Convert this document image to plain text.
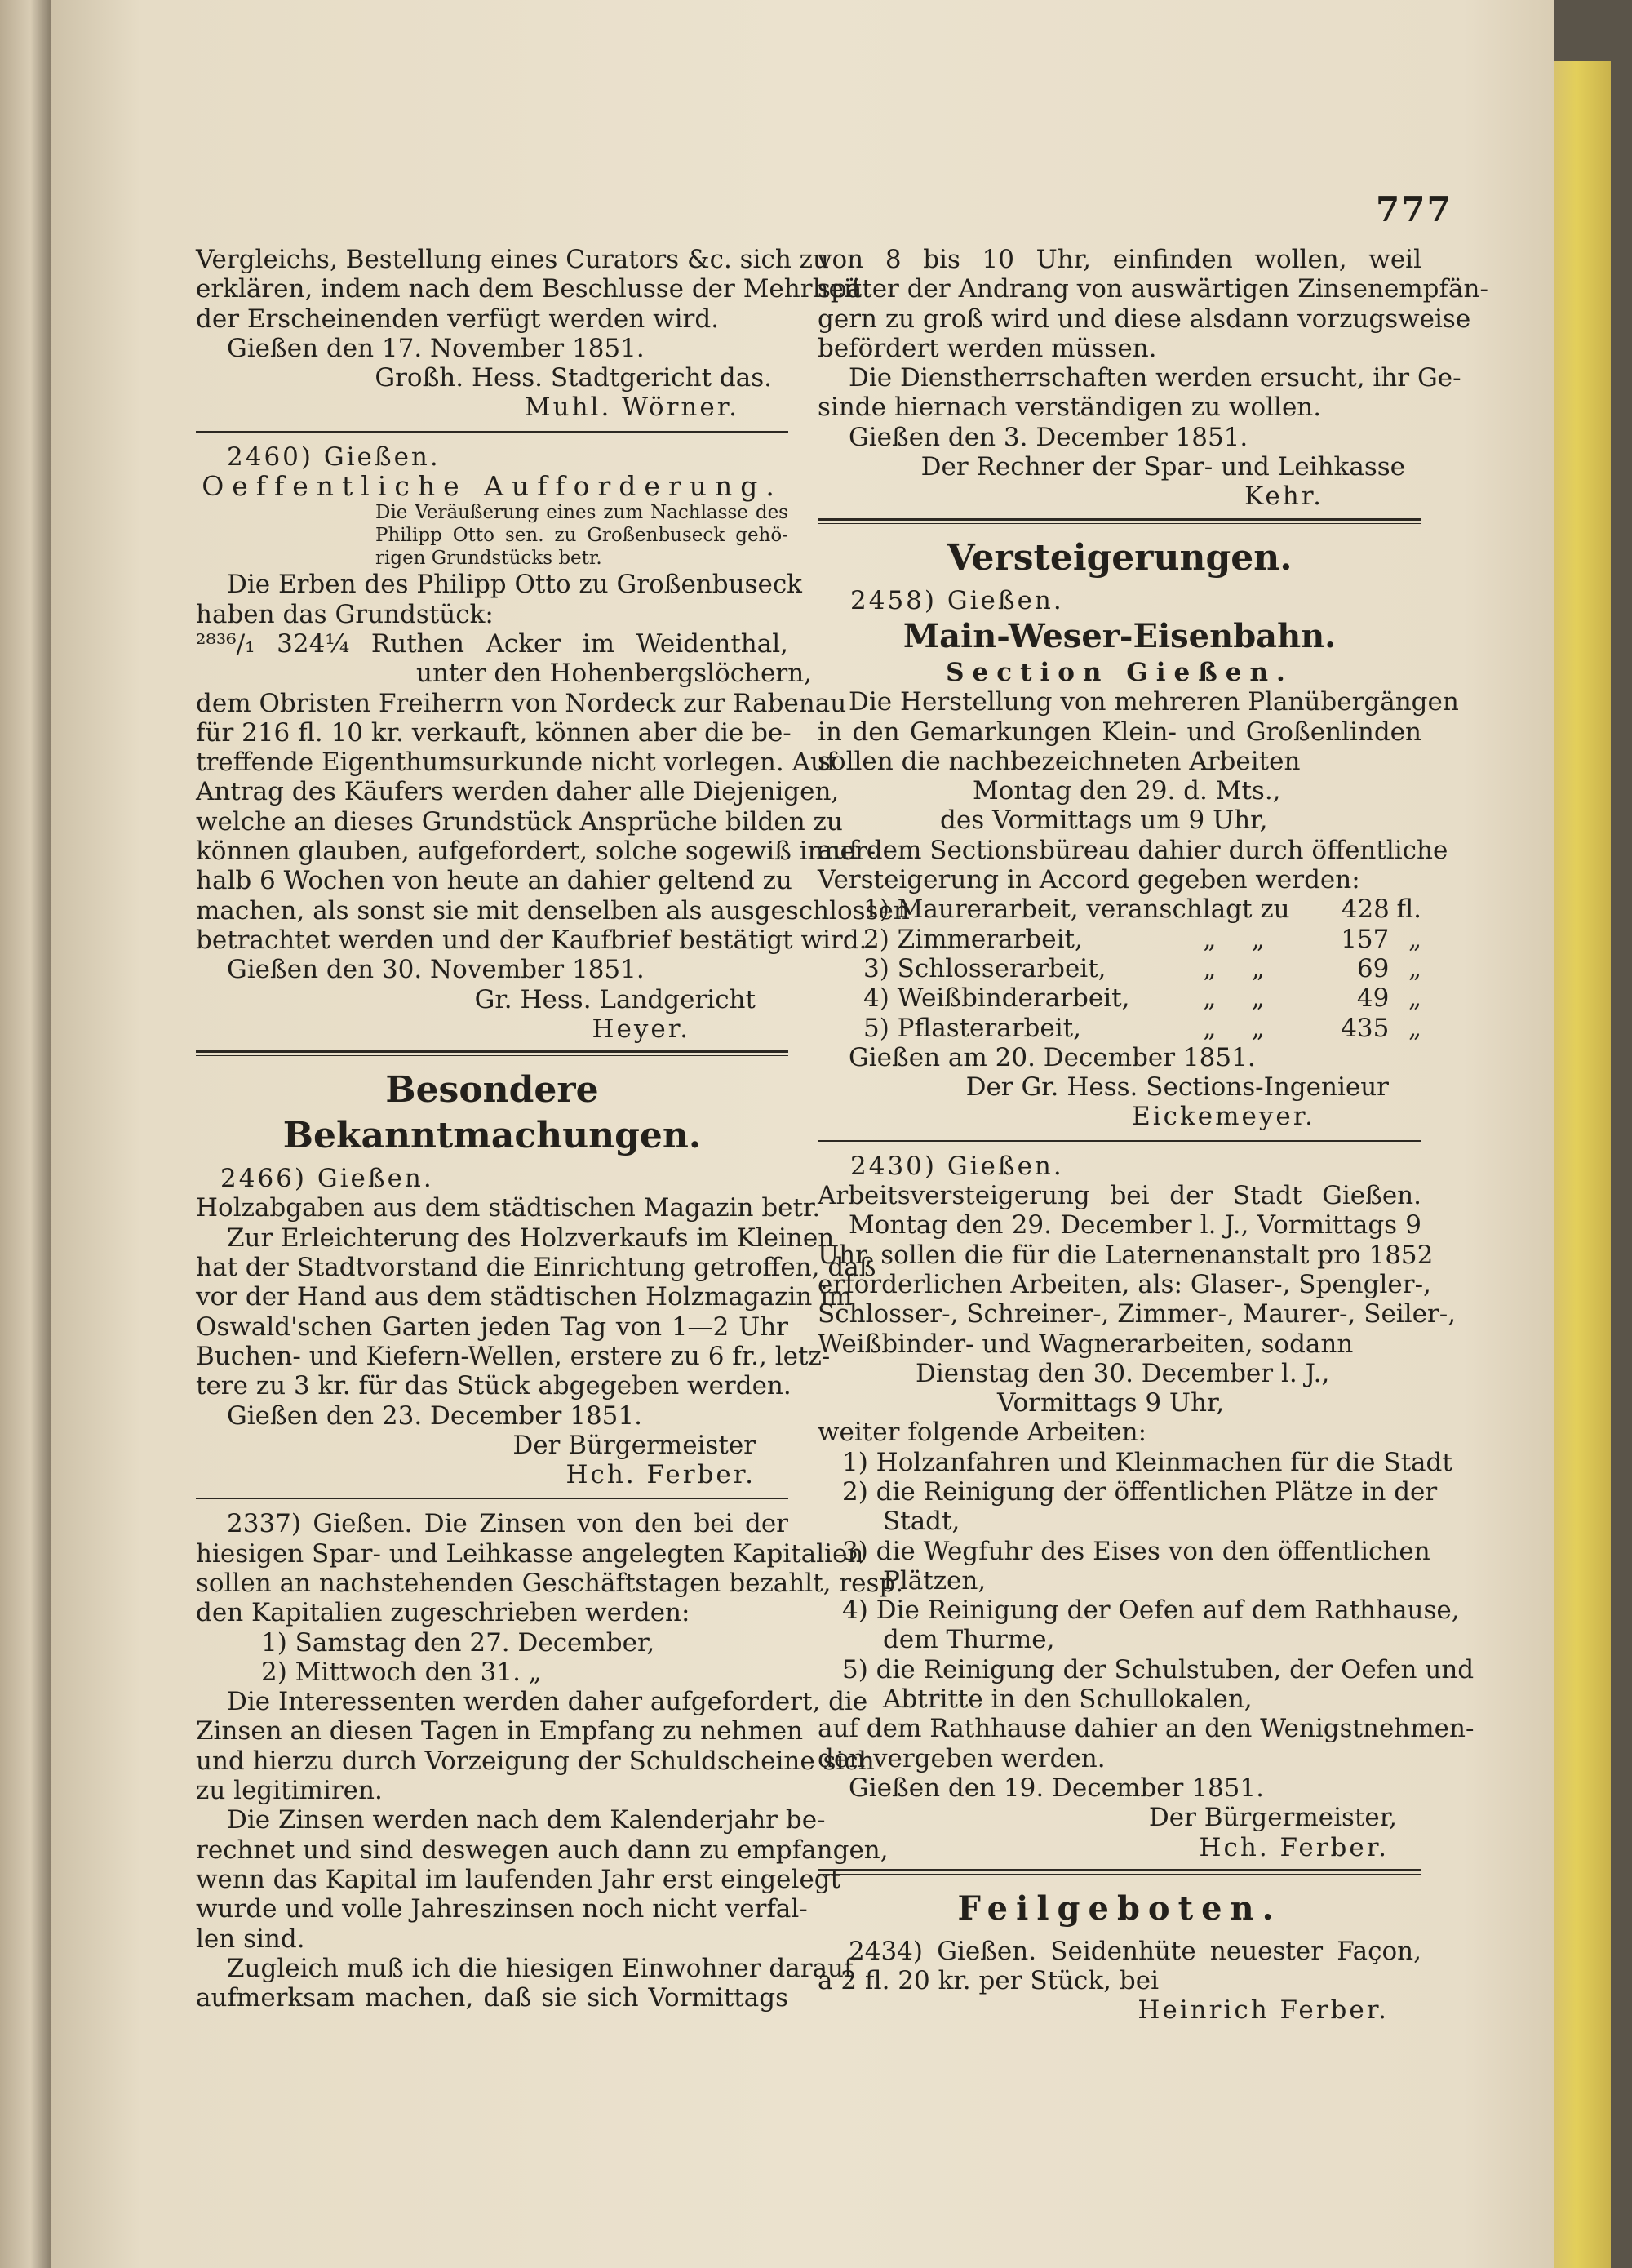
777
Vergleichs, Bestellung eines Curators &c. sich zu
erklären, indem nach dem Beschlusse der Mehrheit
der Erscheinenden verfügt werden wird.
Gießen den 17. November 1851.
Großh. Hess. Stadtgericht das.
Muhl. Wörner.
2460) Gießen.
Oeffentliche Aufforderung.
Die Veräußerung eines zum Nachlasse des
Philipp Otto sen. zu Großenbuseck gehö-
rigen Grundstücks betr.
Die Erben des Philipp Otto zu Großenbuseck
haben das Grundstück:
²⁸³⁶/₁ 324¼ Ruthen Acker im Weidenthal,
unter den Hohenbergslöchern,
dem Obristen Freiherrn von Nordeck zur Rabenau
für 216 fl. 10 kr. verkauft, können aber die be-
treffende Eigenthumsurkunde nicht vorlegen. Auf
Antrag des Käufers werden daher alle Diejenigen,
welche an dieses Grundstück Ansprüche bilden zu
können glauben, aufgefordert, solche sogewiß inner-
halb 6 Wochen von heute an dahier geltend zu
machen, als sonst sie mit denselben als ausgeschlossen
betrachtet werden und der Kaufbrief bestätigt wird.
Gießen den 30. November 1851.
Gr. Hess. Landgericht
Heyer.
Besondere Bekanntmachungen.
2466) Gießen.
Holzabgaben aus dem städtischen Magazin betr.
Zur Erleichterung des Holzverkaufs im Kleinen
hat der Stadtvorstand die Einrichtung getroffen, daß
vor der Hand aus dem städtischen Holzmagazin im
Oswald'schen Garten jeden Tag von 1—2 Uhr
Buchen- und Kiefern-Wellen, erstere zu 6 fr., letz-
tere zu 3 kr. für das Stück abgegeben werden.
Gießen den 23. December 1851.
Der Bürgermeister
Hch. Ferber.
2337) Gießen. Die Zinsen von den bei der
hiesigen Spar- und Leihkasse angelegten Kapitalien
sollen an nachstehenden Geschäftstagen bezahlt, resp.
den Kapitalien zugeschrieben werden:
1) Samstag den 27. December,
2) Mittwoch den 31. „
Die Interessenten werden daher aufgefordert, die
Zinsen an diesen Tagen in Empfang zu nehmen
und hierzu durch Vorzeigung der Schuldscheine sich
zu legitimiren.
Die Zinsen werden nach dem Kalenderjahr be-
rechnet und sind deswegen auch dann zu empfangen,
wenn das Kapital im laufenden Jahr erst eingelegt
wurde und volle Jahreszinsen noch nicht verfal-
len sind.
Zugleich muß ich die hiesigen Einwohner darauf
aufmerksam machen, daß sie sich Vormittags
von 8 bis 10 Uhr, einfinden wollen, weil
später der Andrang von auswärtigen Zinsenempfän-
gern zu groß wird und diese alsdann vorzugsweise
befördert werden müssen.
Die Dienstherrschaften werden ersucht, ihr Ge-
sinde hiernach verständigen zu wollen.
Gießen den 3. December 1851.
Der Rechner der Spar- und Leihkasse
Kehr.
Versteigerungen.
2458) Gießen.
Main-Weser-Eisenbahn.
Section Gießen.
Die Herstellung von mehreren Planübergängen
in den Gemarkungen Klein- und Großenlinden
sollen die nachbezeichneten Arbeiten
Montag den 29. d. Mts.,
des Vormittags um 9 Uhr,
auf dem Sectionsbüreau dahier durch öffentliche
Versteigerung in Accord gegeben werden:
1) Maurerarbeit, veranschlagt zu	428 fl.
2) Zimmerarbeit,	„	„	157 „
3) Schlosserarbeit,	„	„	69 „
4) Weißbinderarbeit,	„	„	49 „
5) Pflasterarbeit,	„	„	435 „
Gießen am 20. December 1851.
Der Gr. Hess. Sections-Ingenieur
Eickemeyer.
2430) Gießen.
Arbeitsversteigerung bei der Stadt Gießen.
Montag den 29. December l. J., Vormittags 9
Uhr, sollen die für die Laternenanstalt pro 1852
erforderlichen Arbeiten, als: Glaser-, Spengler-,
Schlosser-, Schreiner-, Zimmer-, Maurer-, Seiler-,
Weißbinder- und Wagnerarbeiten, sodann
Dienstag den 30. December l. J.,
Vormittags 9 Uhr,
weiter folgende Arbeiten:
1) Holzanfahren und Kleinmachen für die Stadt
2) die Reinigung der öffentlichen Plätze in der
Stadt,
3) die Wegfuhr des Eises von den öffentlichen
Plätzen,
4) Die Reinigung der Oefen auf dem Rathhause,
dem Thurme,
5) die Reinigung der Schulstuben, der Oefen und
Abtritte in den Schullokalen,
auf dem Rathhause dahier an den Wenigstnehmen-
den vergeben werden.
Gießen den 19. December 1851.
Der Bürgermeister,
Hch. Ferber.
Feilgeboten.
2434) Gießen. Seidenhüte neuester Façon,
à 2 fl. 20 kr. per Stück, bei
Heinrich Ferber.
